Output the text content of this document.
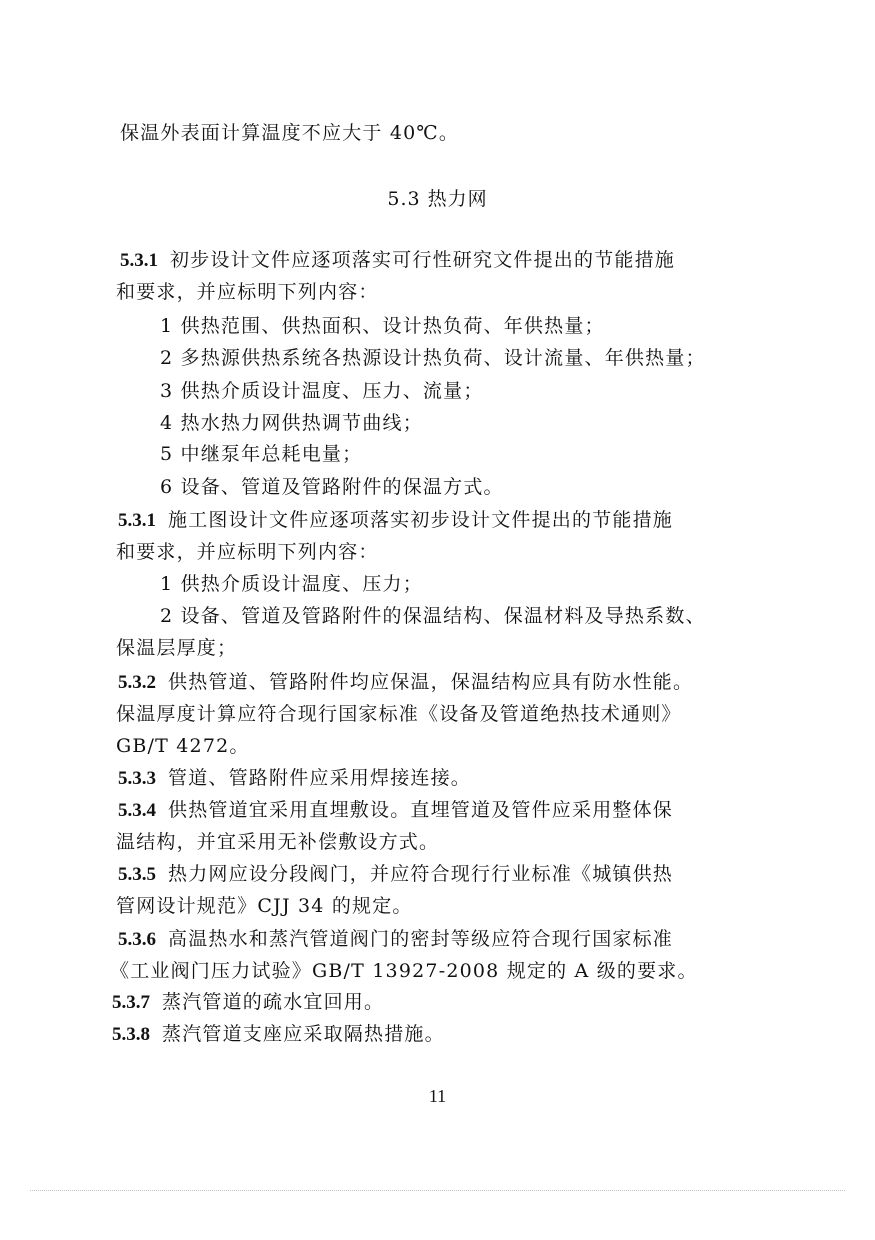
保温外表面计算温度不应大于 40℃。
5.3 热力网
5.3.1 初步设计文件应逐项落实可行性研究文件提出的节能措施
和要求，并应标明下列内容：
1 供热范围、供热面积、设计热负荷、年供热量；
2 多热源供热系统各热源设计热负荷、设计流量、年供热量；
3 供热介质设计温度、压力、流量；
4 热水热力网供热调节曲线；
5 中继泵年总耗电量；
6 设备、管道及管路附件的保温方式。
5.3.1 施工图设计文件应逐项落实初步设计文件提出的节能措施
和要求，并应标明下列内容：
1 供热介质设计温度、压力；
2 设备、管道及管路附件的保温结构、保温材料及导热系数、
保温层厚度；
5.3.2 供热管道、管路附件均应保温，保温结构应具有防水性能。
保温厚度计算应符合现行国家标准《设备及管道绝热技术通则》
GB/T 4272。
5.3.3 管道、管路附件应采用焊接连接。
5.3.4 供热管道宜采用直埋敷设。直埋管道及管件应采用整体保
温结构，并宜采用无补偿敷设方式。
5.3.5 热力网应设分段阀门，并应符合现行行业标准《城镇供热
管网设计规范》CJJ 34 的规定。
5.3.6 高温热水和蒸汽管道阀门的密封等级应符合现行国家标准
《工业阀门压力试验》GB/T 13927-2008 规定的 A 级的要求。
5.3.7 蒸汽管道的疏水宜回用。
5.3.8 蒸汽管道支座应采取隔热措施。
11
